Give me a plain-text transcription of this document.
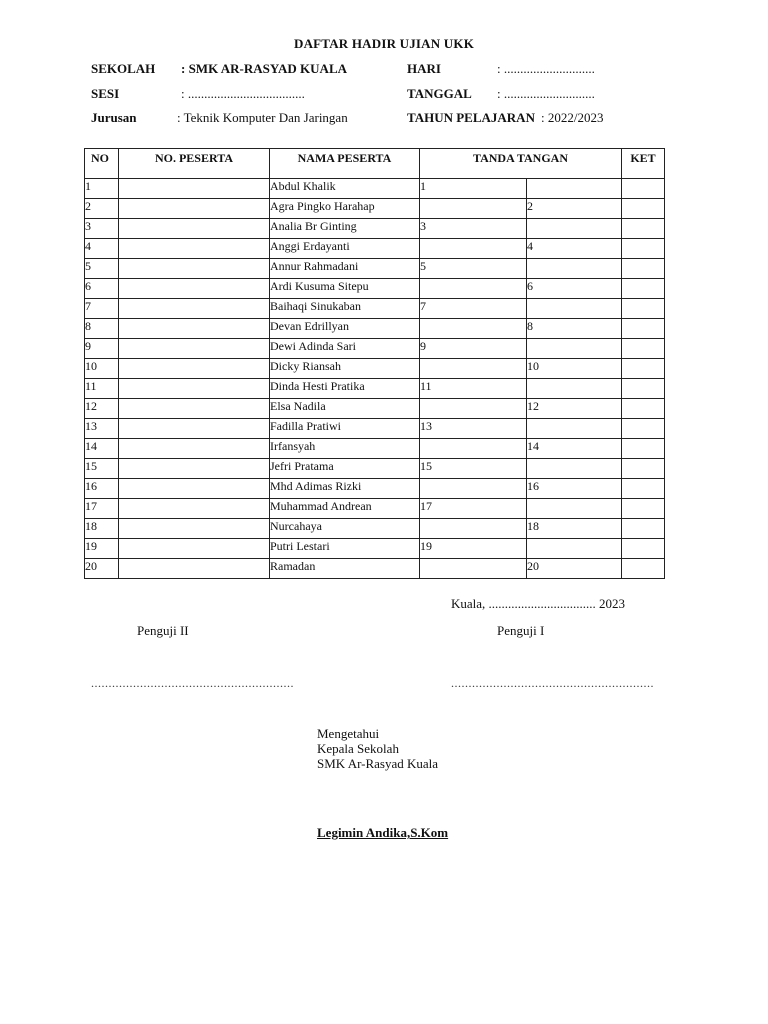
DAFTAR HADIR UJIAN UKK
SEKOLAH : SMK AR-RASYAD KUALA	HARI	: ............................
SESI	: ....................................	TANGGAL : ............................
Jurusan	: Teknik Komputer Dan Jaringan	TAHUN PELAJARAN : 2022/2023
NO	NO. PESERTA	NAMA PESERTA	TANDA TANGAN		KET
1		Abdul Khalik	1		
2		Agra Pingko Harahap		2	
3		Analia Br Ginting	3		
4		Anggi Erdayanti		4	
5		Annur Rahmadani	5		
6		Ardi Kusuma Sitepu		6	
7		Baihaqi Sinukaban	7		
8		Devan Edrillyan		8	
9		Dewi Adinda Sari	9		
10		Dicky Riansah		10	
11		Dinda Hesti Pratika	11		
12		Elsa Nadila		12	
13		Fadilla Pratiwi	13		
14		Irfansyah		14	
15		Jefri Pratama	15		
16		Mhd Adimas Rizki		16	
17		Muhammad Andrean	17		
18		Nurcahaya		18	
19		Putri Lestari	19		
20		Ramadan		20	
Kuala, ................................. 2023
Penguji II	Penguji I
..........................................................	..........................................................
Mengetahui
Kepala Sekolah
SMK Ar-Rasyad Kuala
Legimin Andika,S.Kom
